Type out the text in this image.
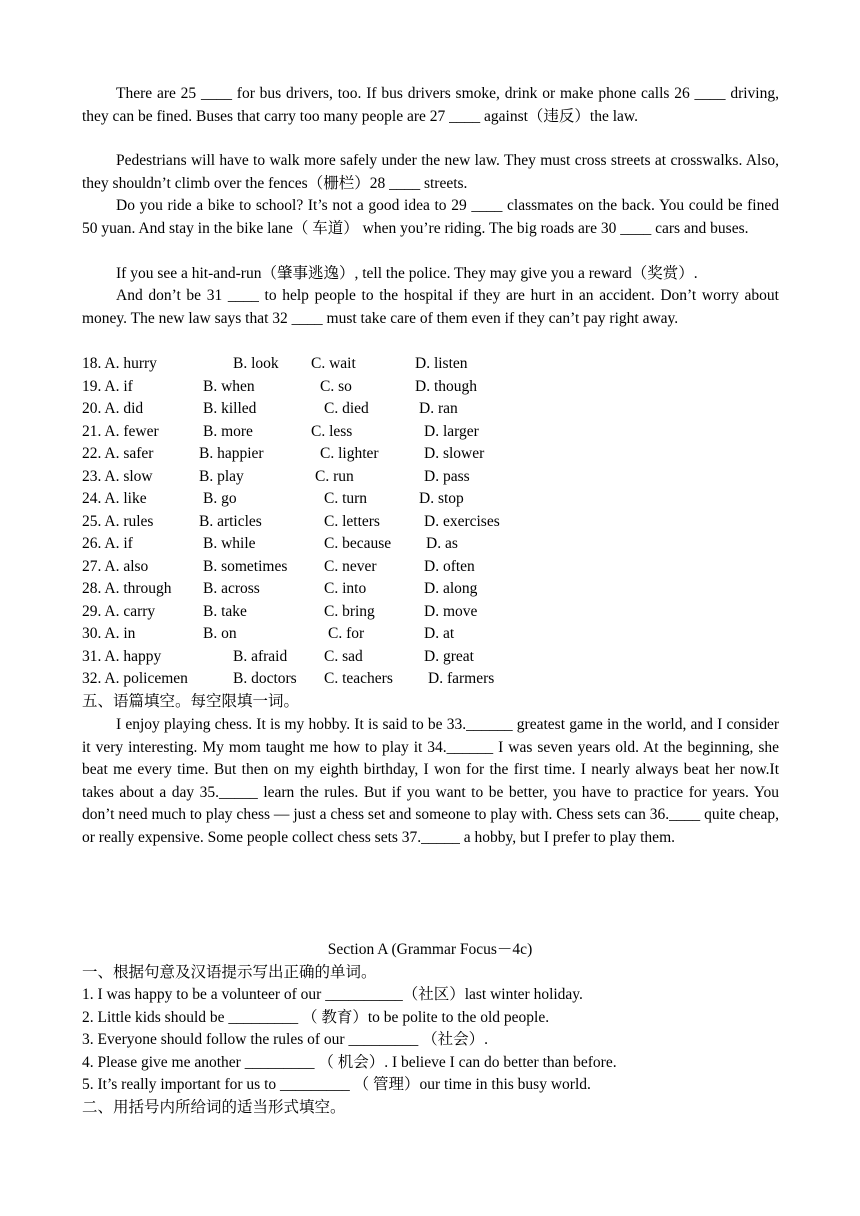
There are 25 ____ for bus drivers, too. If bus drivers smoke, drink or make phone calls 26 ____ driving, they can be fined. Buses that carry too many people are 27 ____ against（违反）the law.

Pedestrians will have to walk more safely under the new law. They must cross streets at crosswalks. Also, they shouldn’t climb over the fences（栅栏）28 ____ streets.

Do you ride a bike to school? It’s not a good idea to 29 ____ classmates on the back. You could be fined 50 yuan. And stay in the bike lane（ 车道） when you’re riding. The big roads are 30 ____ cars and buses.

If you see a hit-and-run（肇事逃逸）, tell the police. They may give you a reward（奖赏）.

And don’t be 31 ____ to help people to the hospital if they are hurt in an accident. Don’t worry about money. The new law says that 32 ____ must take care of them even if they can’t pay right away.

18. A. hurry	B. look C. wait	D. listen
19. A. if	B. when	C. so	D. though
20. A. did	B. killed	C. died	D. ran
21. A. fewer	B. more	C. less	D. larger
22. A. safer	B. happier	C. lighter	D. slower
23. A. slow	B. play	C. run	D. pass
24. A. like	B. go	C. turn	D. stop
25. A. rules	B. articles	C. letters	D. exercises
26. A. if	B. while	C. because D. as
27. A. also	B. sometimes C. never	D. often
28. A. through B. across	C. into	D. along
29. A. carry	B. take	C. bring	D. move
30. A. in	B. on	C. for	D. at
31. A. happy	B. afraid C. sad	D. great
32. A. policemen	B. doctors C. teachers D. farmers
五、语篇填空。每空限填一词。

I enjoy playing chess. It is my hobby. It is said to be 33.______ greatest game in the world, and I consider it very interesting. My mom taught me how to play it 34.______ I was seven years old. At the beginning, she beat me every time. But then on my eighth birthday, I won for the first time. I nearly always beat her now.It takes about a day 35._____ learn the rules. But if you want to be better, you have to practice for years. You don’t need much to play chess — just a chess set and someone to play with. Chess sets can 36.____ quite cheap, or really expensive. Some people collect chess sets 37._____ a hobby, but I prefer to play them.

Section A (Grammar Focus－4c)
一、根据句意及汉语提示写出正确的单词。
1. I was happy to be a volunteer of our __________（社区）last winter holiday.
2. Little kids should be _________ （ 教育）to be polite to the old people.
3. Everyone should follow the rules of our _________ （社会）.
4. Please give me another _________ （ 机会）. I believe I can do better than before.
5. It’s really important for us to _________ （ 管理）our time in this busy world.
二、用括号内所给词的适当形式填空。
